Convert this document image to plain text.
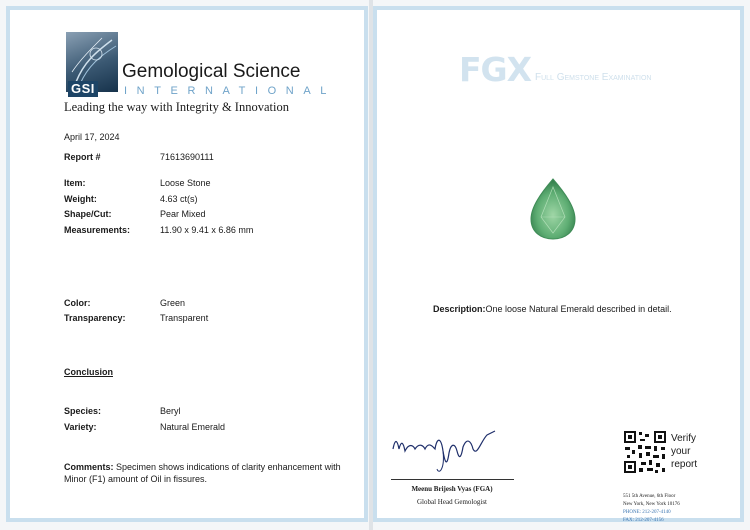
GSI
Gemological Science
INTERNATIONAL
Leading the way with Integrity & Innovation
April 17, 2024
Report #	71613690111
Item:	Loose Stone
Weight:	4.63 ct(s)
Shape/Cut:	Pear Mixed
Measurements:	11.90 x 9.41 x 6.86 mm
Color:	Green
Transparency:	Transparent
Conclusion
Species:	Beryl
Variety:	Natural Emerald
Comments: Specimen shows indications of clarity enhancement with Minor (F1) amount of Oil in fissures.
FGX Full Gemstone Examination
Description:One loose Natural Emerald described in detail.
Meenu Brijesh Vyas (FGA)
Global Head Gemologist
Verify
your
report
551 5th Avenue, 6th Floor
New York, New York 10176
PHONE: 212-207-4140
FAX: 212-207-4156
